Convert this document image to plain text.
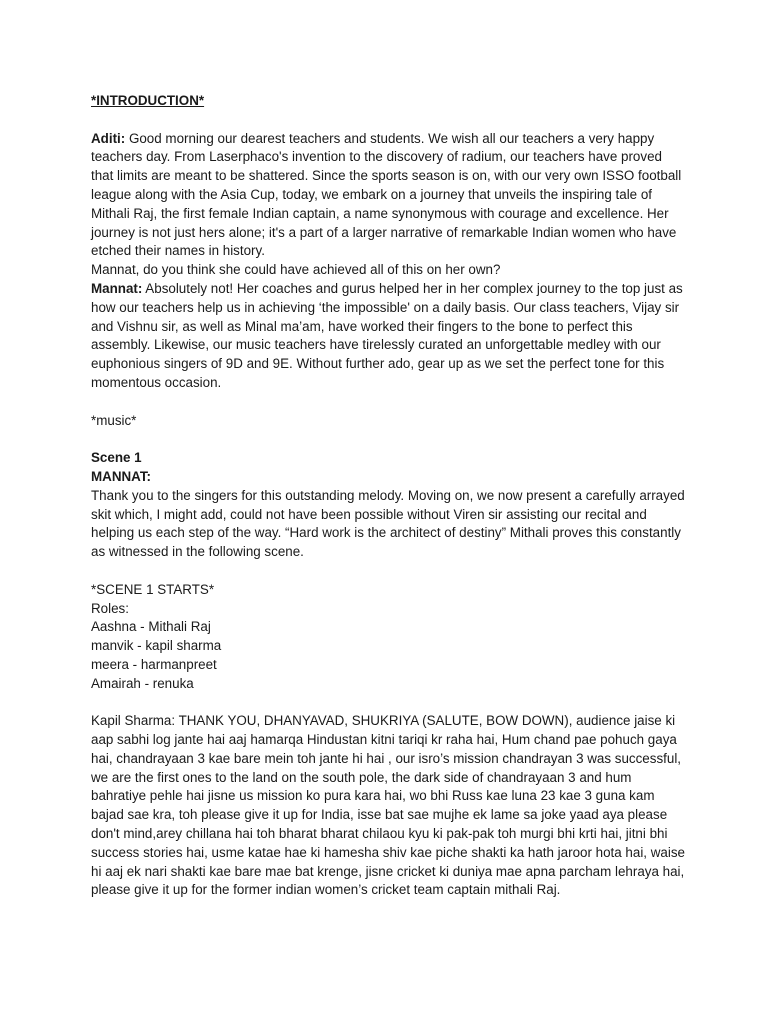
*INTRODUCTION*

Aditi: Good morning our dearest teachers and students. We wish all our teachers a very happy teachers day. From Laserphaco's invention to the discovery of radium, our teachers have proved that limits are meant to be shattered. Since the sports season is on, with our very own ISSO football league along with the Asia Cup, today, we embark on a journey that unveils the inspiring tale of Mithali Raj, the first female Indian captain, a name synonymous with courage and excellence. Her journey is not just hers alone; it's a part of a larger narrative of remarkable Indian women who have etched their names in history.

Mannat, do you think she could have achieved all of this on her own?

Mannat: Absolutely not! Her coaches and gurus helped her in her complex journey to the top just as how our teachers help us in achieving ‘the impossible' on a daily basis. Our class teachers, Vijay sir and Vishnu sir, as well as Minal ma’am, have worked their fingers to the bone to perfect this assembly. Likewise, our music teachers have tirelessly curated an unforgettable medley with our euphonious singers of 9D and 9E. Without further ado, gear up as we set the perfect tone for this momentous occasion.

*music*

Scene 1

MANNAT:

Thank you to the singers for this outstanding melody. Moving on, we now present a carefully arrayed skit which, I might add, could not have been possible without Viren sir assisting our recital and helping us each step of the way. “Hard work is the architect of destiny” Mithali proves this constantly as witnessed in the following scene.

*SCENE 1 STARTS*

Roles:

Aashna - Mithali Raj

manvik - kapil sharma

meera - harmanpreet

Amairah - renuka

Kapil Sharma: THANK YOU, DHANYAVAD, SHUKRIYA (SALUTE, BOW DOWN), audience jaise ki aap sabhi log jante hai aaj hamarqa Hindustan kitni tariqi kr raha hai, Hum chand pae pohuch gaya hai, chandrayaan 3 kae bare mein toh jante hi hai , our isro’s mission chandrayan 3 was successful, we are the first ones to the land on the south pole, the dark side of chandrayaan 3 and hum bahratiye pehle hai jisne us mission ko pura kara hai, wo bhi Russ kae luna 23 kae 3 guna kam bajad sae kra, toh please give it up for India, isse bat sae mujhe ek lame sa joke yaad aya please don't mind,arey chillana hai toh bharat bharat chilaou kyu ki pak-pak toh murgi bhi krti hai, jitni bhi success stories hai, usme katae hae ki hamesha shiv kae piche shakti ka hath jaroor hota hai, waise hi aaj ek nari shakti kae bare mae bat krenge, jisne cricket ki duniya mae apna parcham lehraya hai, please give it up for the former indian women’s cricket team captain mithali Raj.
